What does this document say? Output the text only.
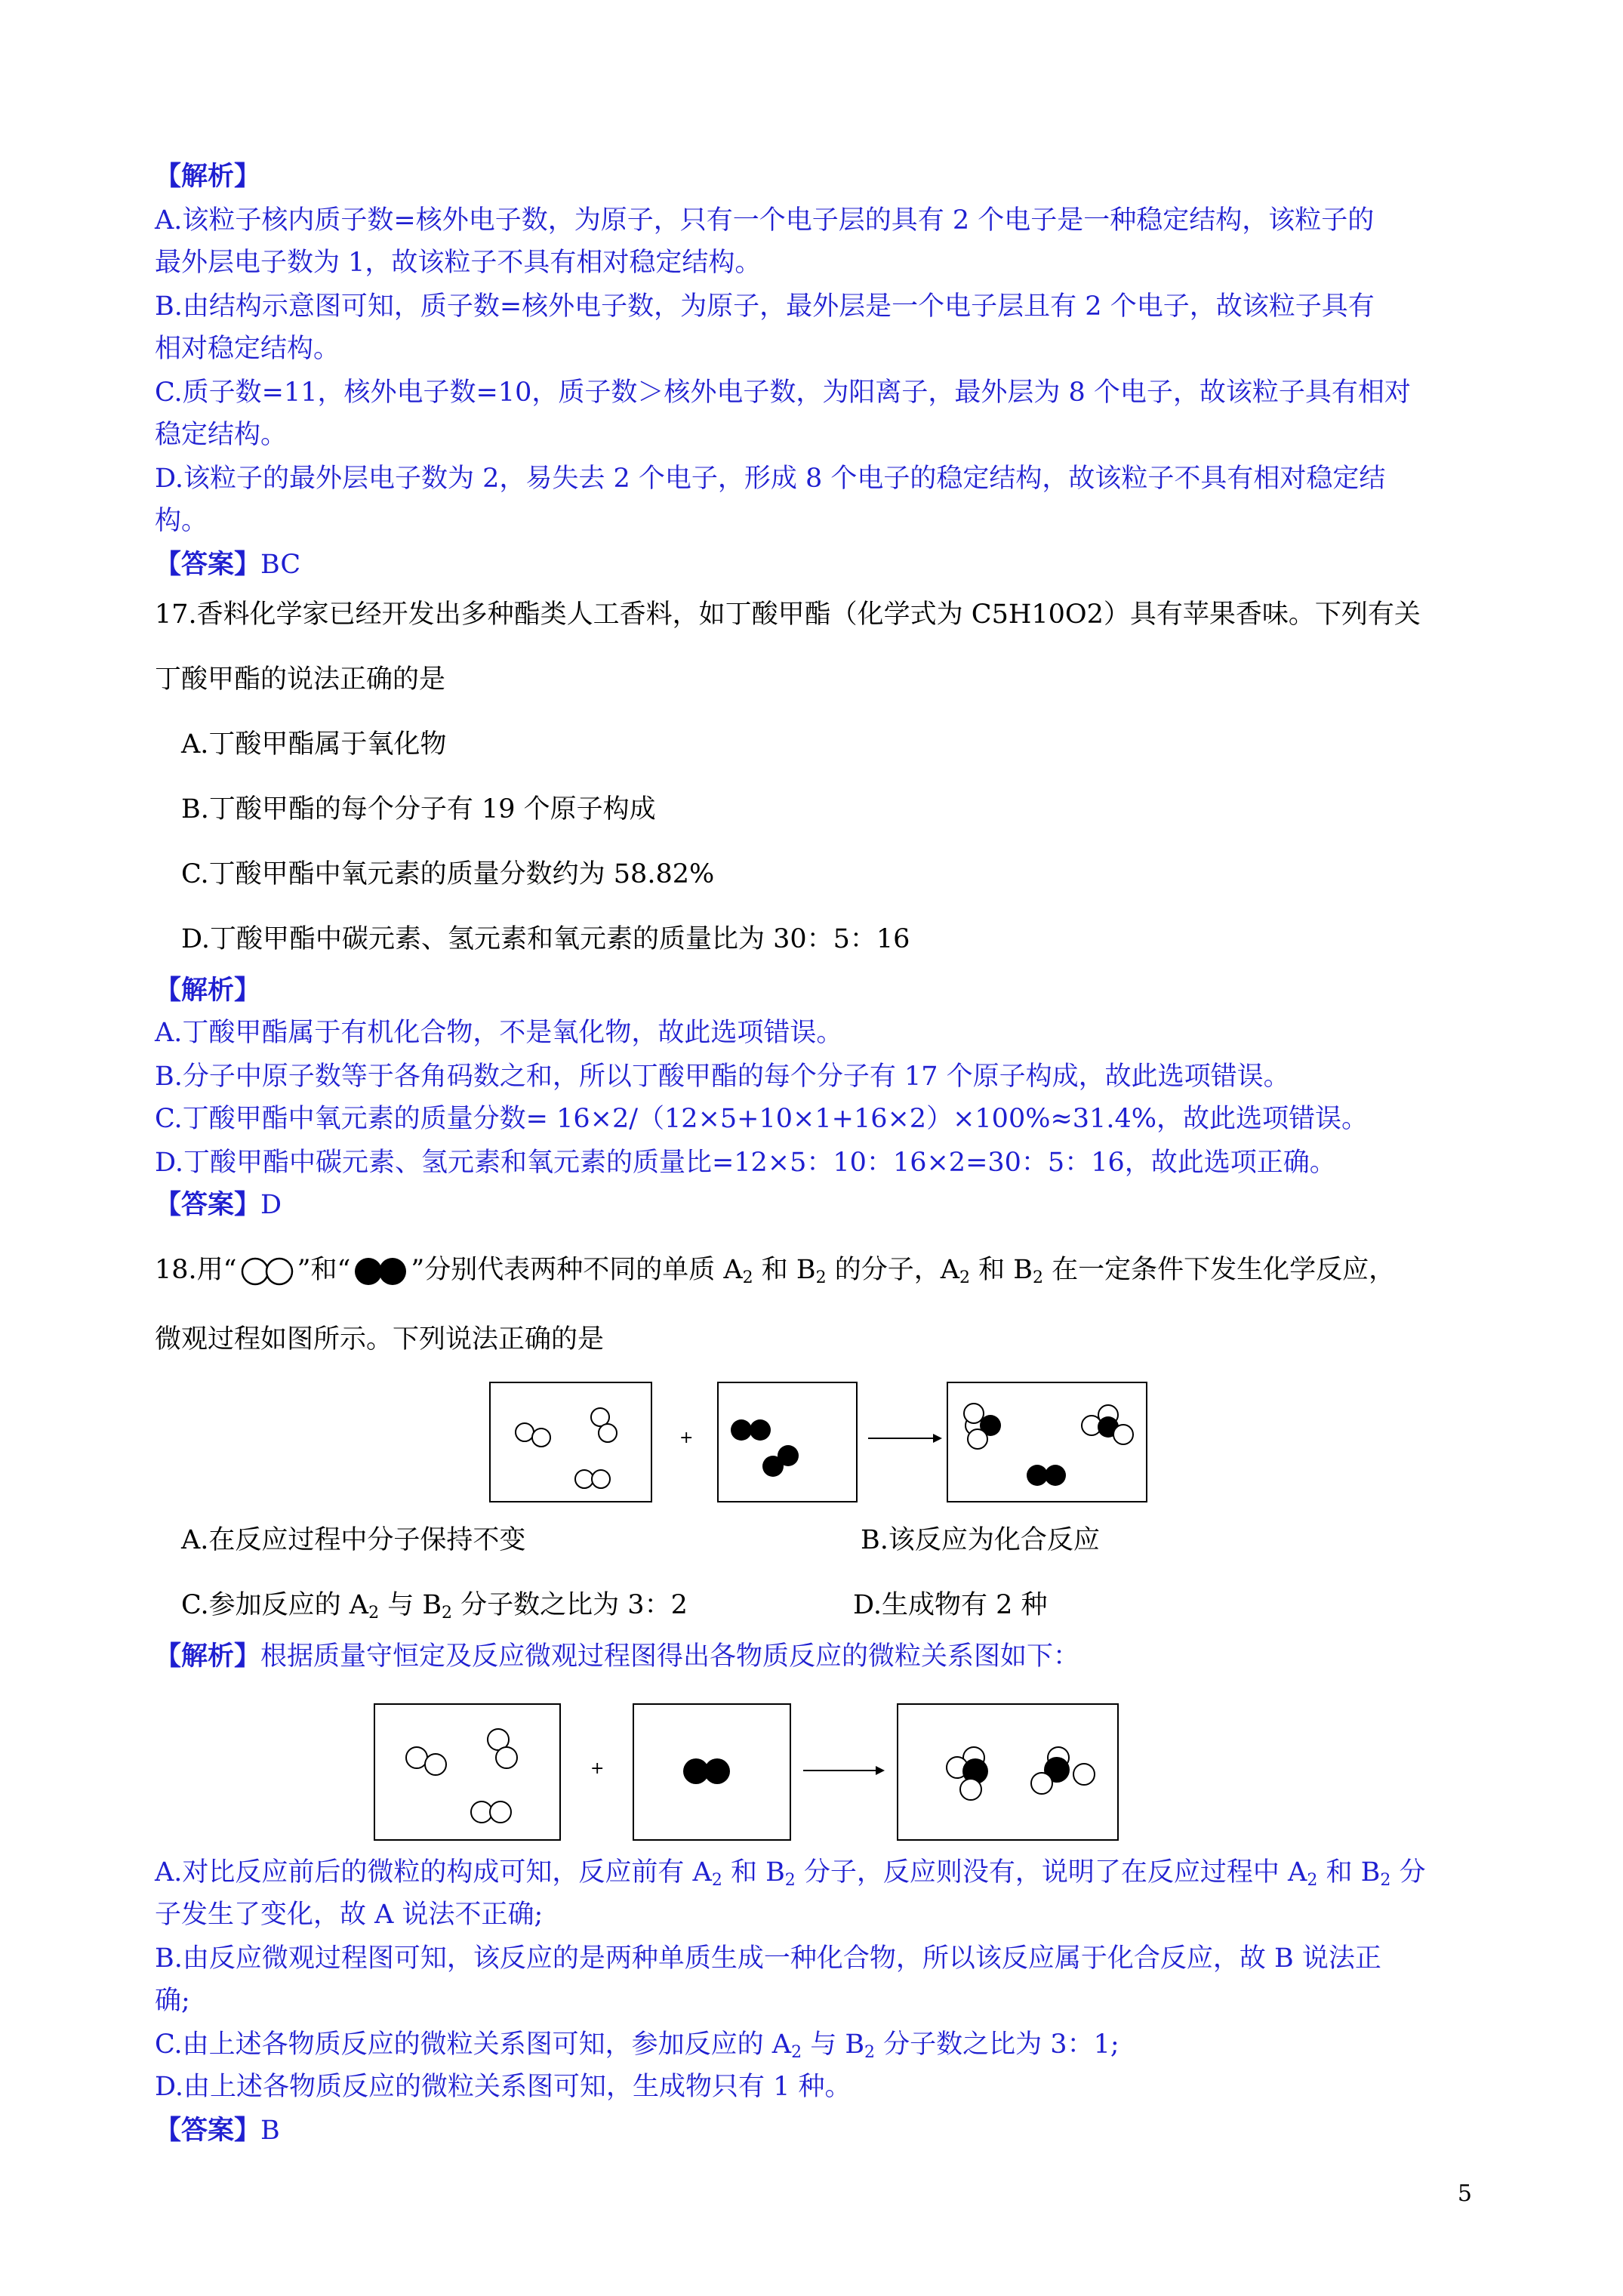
【解析】
A.该粒子核内质子数=核外电子数，为原子，只有一个电子层的具有 2 个电子是一种稳定结构，该粒子的
最外层电子数为 1，故该粒子不具有相对稳定结构。
B.由结构示意图可知，质子数=核外电子数，为原子，最外层是一个电子层且有 2 个电子，故该粒子具有
相对稳定结构。
C.质子数=11，核外电子数=10，质子数＞核外电子数，为阳离子，最外层为 8 个电子，故该粒子具有相对
稳定结构。
D.该粒子的最外层电子数为 2，易失去 2 个电子，形成 8 个电子的稳定结构，故该粒子不具有相对稳定结
构。
【答案】BC
17.香料化学家已经开发出多种酯类人工香料，如丁酸甲酯（化学式为 C5H10O2）具有苹果香味。下列有关
丁酸甲酯的说法正确的是
A.丁酸甲酯属于氧化物
B.丁酸甲酯的每个分子有 19 个原子构成
C.丁酸甲酯中氧元素的质量分数约为 58.82%
D.丁酸甲酯中碳元素、氢元素和氧元素的质量比为 30：5：16
【解析】
A.丁酸甲酯属于有机化合物，不是氧化物，故此选项错误。
B.分子中原子数等于各角码数之和，所以丁酸甲酯的每个分子有 17 个原子构成，故此选项错误。
C.丁酸甲酯中氧元素的质量分数= 16×2/（12×5+10×1+16×2）×100%≈31.4%，故此选项错误。
D.丁酸甲酯中碳元素、氢元素和氧元素的质量比=12×5：10：16×2=30：5：16，故此选项正确。
【答案】D
18.用“ ”和“ ”分别代表两种不同的单质 $A_2$ 和 $B_2$ 的分子，$A_2$ 和 $B_2$ 在一定条件下发生化学反应，
微观过程如图所示。下列说法正确的是
+
A.在反应过程中分子保持不变	B.该反应为化合反应
C.参加反应的 $A_2$ 与 $B_2$ 分子数之比为 3：2	D.生成物有 2 种
【解析】根据质量守恒定及反应微观过程图得出各物质反应的微粒关系图如下：
+
A.对比反应前后的微粒的构成可知，反应前有 $A_2$ 和 $B_2$ 分子，反应则没有，说明了在反应过程中 $A_2$ 和 $B_2$ 分
子发生了变化，故 A 说法不正确;
B.由反应微观过程图可知，该反应的是两种单质生成一种化合物，所以该反应属于化合反应，故 B 说法正
确;
C.由上述各物质反应的微粒关系图可知，参加反应的 $A_2$ 与 $B_2$ 分子数之比为 3：1;
D.由上述各物质反应的微粒关系图可知，生成物只有 1 种。
【答案】B
5
